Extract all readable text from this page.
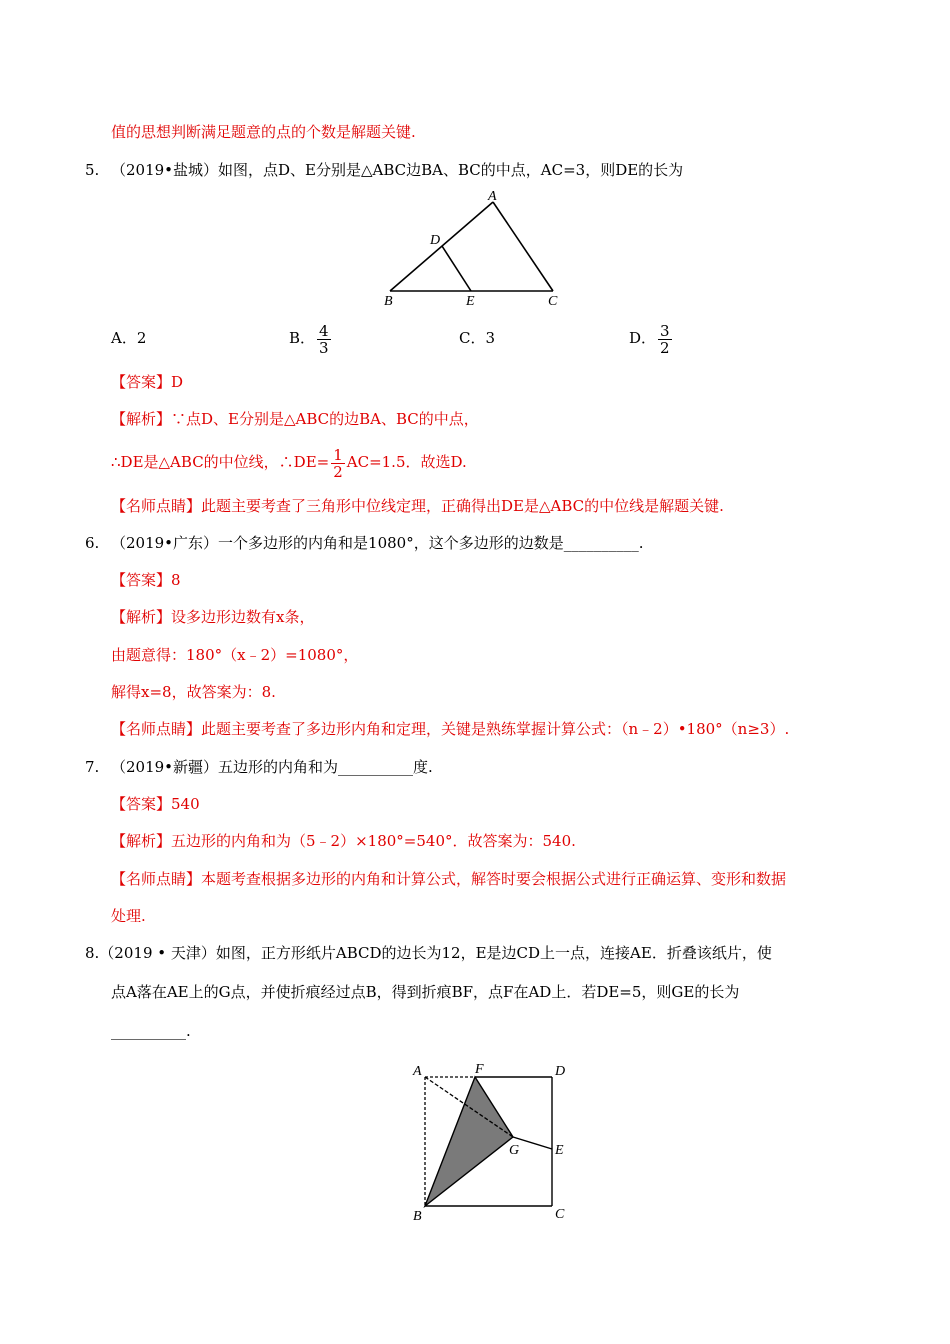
值的思想判断满足题意的点的个数是解题关键.
5. （2019•盐城）如图，点D、E分别是△ABC边BA、BC的中点，AC=3，则DE的长为
A
D
B	E	C
A．2	B． $\frac{4}{3}$	C．3	D． $\frac{3}{2}$
【答案】D
【解析】∵点D、E分别是△ABC的边BA、BC的中点，
∴DE是△ABC的中位线，∴DE= $\frac{1}{2} AC=1.5$．故选D.
【名师点睛】此题主要考查了三角形中位线定理，正确得出DE是△ABC的中位线是解题关键.
6. （2019•广东）一个多边形的内角和是1080°，这个多边形的边数是__________.
【答案】8
【解析】设多边形边数有x条，
由题意得：180°（x﹣2）=1080°，
解得x=8，故答案为：8.
【名师点睛】此题主要考查了多边形内角和定理，关键是熟练掌握计算公式：（n﹣2）•180°（n≥3）.
7. （2019•新疆）五边形的内角和为__________度.
【答案】540
【解析】五边形的内角和为（5﹣2）×180°=540°．故答案为：540.
【名师点睛】本题考查根据多边形的内角和计算公式，解答时要会根据公式进行正确运算、变形和数据
处理.
8.（2019 • 天津）如图，正方形纸片ABCD的边长为12，E是边CD上一点，连接AE．折叠该纸片，使
点A落在AE上的G点，并使折痕经过点B，得到折痕BF，点F在AD上．若DE=5，则GE的长为
__________.
A	F	D
G	E
B	C
